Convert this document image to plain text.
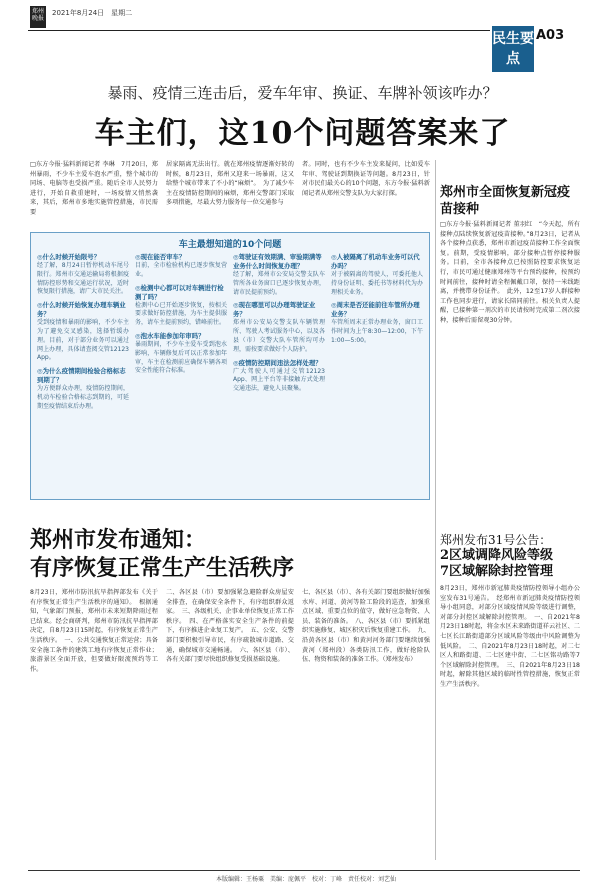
郑州晚报
2021年8月24日　星期二
民生要点
A03
暴雨、疫情三连击后，爱车年审、换证、车牌补领该咋办？
车主们，这10个问题答案来了
□东方今报·猛料新闻记者 李琳　7月20日，郑州暴雨，不少车主爱车泡水严重，整个城市的同场、电脑等也受损严重。随后全市人民努力进行，开始自救重建时，一场疫情又悄然袭来，其后，郑州市多地实施管控措施，市民需要
居家隔离无法出行。就在郑州疫情逐渐好转的时候，8月23日，郑州又迎来一场暴雨，这又给整个城市带来了不小的“麻烦”。　为了减少车主在疫情防控期间的麻烦，郑州交警部门采取多项措施，尽最大努力服务每一位交通参与
者。同时，也有不少车主发来疑问，比如爱车年审、驾驶证到期换证等问题。8月23日，针对市民们最关心的10个问题，东方今报·猛料新闻记者从郑州交警支队为大家打探。
车主最想知道的10个问题
◎什么时候开始限号？
经了解，8月24日暂停机动车尾号限行。郑州市交通运输局将根据疫情防控形势和交通运行状况，适时恢复限行措施，请广大市民关注。
◎什么时候开始恢复办理车辆业务？
受到疫情和暴雨的影响，不少车主为了避免交叉感染，选择暂缓办理。目前，对于部分业务可以通过网上办理，具体请查阅交管12123 App。
◎为什么疫情期间检验合格标志到期了？
为方便群众办理，疫情防控期间，机动车检验合格标志到期的，可延期至疫情结束后办理。
◎现在能否审车？
目前，全市检验机构已逐步恢复营业。
◎检测中心都可以对车辆进行检测了吗？
检测中心已开始逐步恢复，按相关要求做好防控措施，为车主提供服务，请车主提前预约，错峰前往。
◎泡水车能参加年审吗？
暴雨期间，不少车主爱车受到泡水影响，车辆修复后可以正常参加年审，车主在检测前应确保车辆各项安全性能符合标准。
◎驾驶证有效期满、审验期满等业务什么时间恢复办理？
经了解，郑州市公安局交警支队车管所各业务窗口已逐步恢复办理，请市民提前预约。
◎现在哪里可以办理驾驶证业务？
郑州市公安局交警支队车辆管理所、驾驶人考试服务中心，以及各县（市）交警大队车管所均可办理，需按要求做好个人防护。
◎疫情防控期间违法怎样处理？
广大驾驶人可通过交管12123 App、网上平台等非接触方式处理交通违法，避免人员聚集。
◎人被隔离了机动车业务可以代办吗？
对于被隔离的驾驶人，可委托他人持身份证明、委托书等材料代为办理相关业务。
◎周末是否还能前往车管所办理业务？
车管所周末正常办理业务，窗口工作时间为上午8:30—12:00，下午1:00—5:00。
郑州市全面恢复新冠疫苗接种
□东方今报·猛料新闻记者 董羽红　“今天起，所有接种点陆续恢复新冠疫苗接种。”8月23日，记者从各个接种点获悉，郑州市新冠疫苗接种工作全面恢复。前期，受疫情影响，部分接种点暂停接种服务。目前，全市各接种点已按照防控要求恢复运行，市民可通过健康郑州等平台预约接种，按预约时间前往，接种时请全程佩戴口罩，保持一米线距离，并携带身份证件。　此外，12至17岁人群接种工作也同步进行，请家长陪同前往。相关负责人提醒，已接种第一剂次的市民请按时完成第二剂次接种，接种后需留观30分钟。
郑州发布31号公告：
2区域调降风险等级
7区域解除封控管理
8月23日，郑州市新冠肺炎疫情防控领导小组办公室发布31号通告。　经郑州市新冠肺炎疫情防控领导小组同意，对部分区域疫情风险等级进行调整，对部分封控区域解除封控管理。　一、自2021年8月23日18时起，将金水区未来路街道祥云社区、二七区长江路街道部分区域风险等级由中风险调整为低风险。　二、自2021年8月23日18时起，对二七区人和路街道、二七区建中街、二七区铭功路等7个区域解除封控管理。　三、自2021年8月23日18时起，解除其他区域的临时性管控措施，恢复正常生产生活秩序。
郑州市发布通知：
有序恢复正常生产生活秩序
8月23日，郑州市防汛抗旱指挥部发布《关于有序恢复正常生产生活秩序的通知》。　根据通知，气象部门预报，郑州市未来短期降雨过程已结束。经会商研判，郑州市防汛抗旱指挥部决定，自8月23日15时起，有序恢复正常生产生活秩序。　一、公共交通恢复正常运营；具备安全施工条件的建筑工地有序恢复正常作业；旅游景区全面开放，但要做好限流预约等工作。
二、各区县（市）要加强紧急避险群众房屋安全排查，在确保安全条件下，有序组织群众返家。　三、各级机关、企事业单位恢复正常工作秩序。　四、在严格落实安全生产条件的前提下，有序推进企业复工复产。　五、公安、交警部门要积极引导市民，有序疏散城市道路、交通，确保城市交通畅通。　六、各区县（市）、各有关部门要尽快组织修复受损基础设施。
七、各区县（市）、各有关部门要组织做好加强水库、河道、黄河等险工险段的巡查，加强重点区域、重要点位的值守，做好应急物资、人员、装备的准备。　八、各区县（市）要抓紧组织实施修复、城区积灾后恢复重建工作。　九、沿黄各区县（市）和黄河河务部门要继续加强黄河（郑州段）各类防汛工作，做好抢险队伍、物资和装备的准备工作。（郑州发布）
本版编辑：王杨粟　美编：庞佩平　校对：丁峰　责任校对：刘艺仙
